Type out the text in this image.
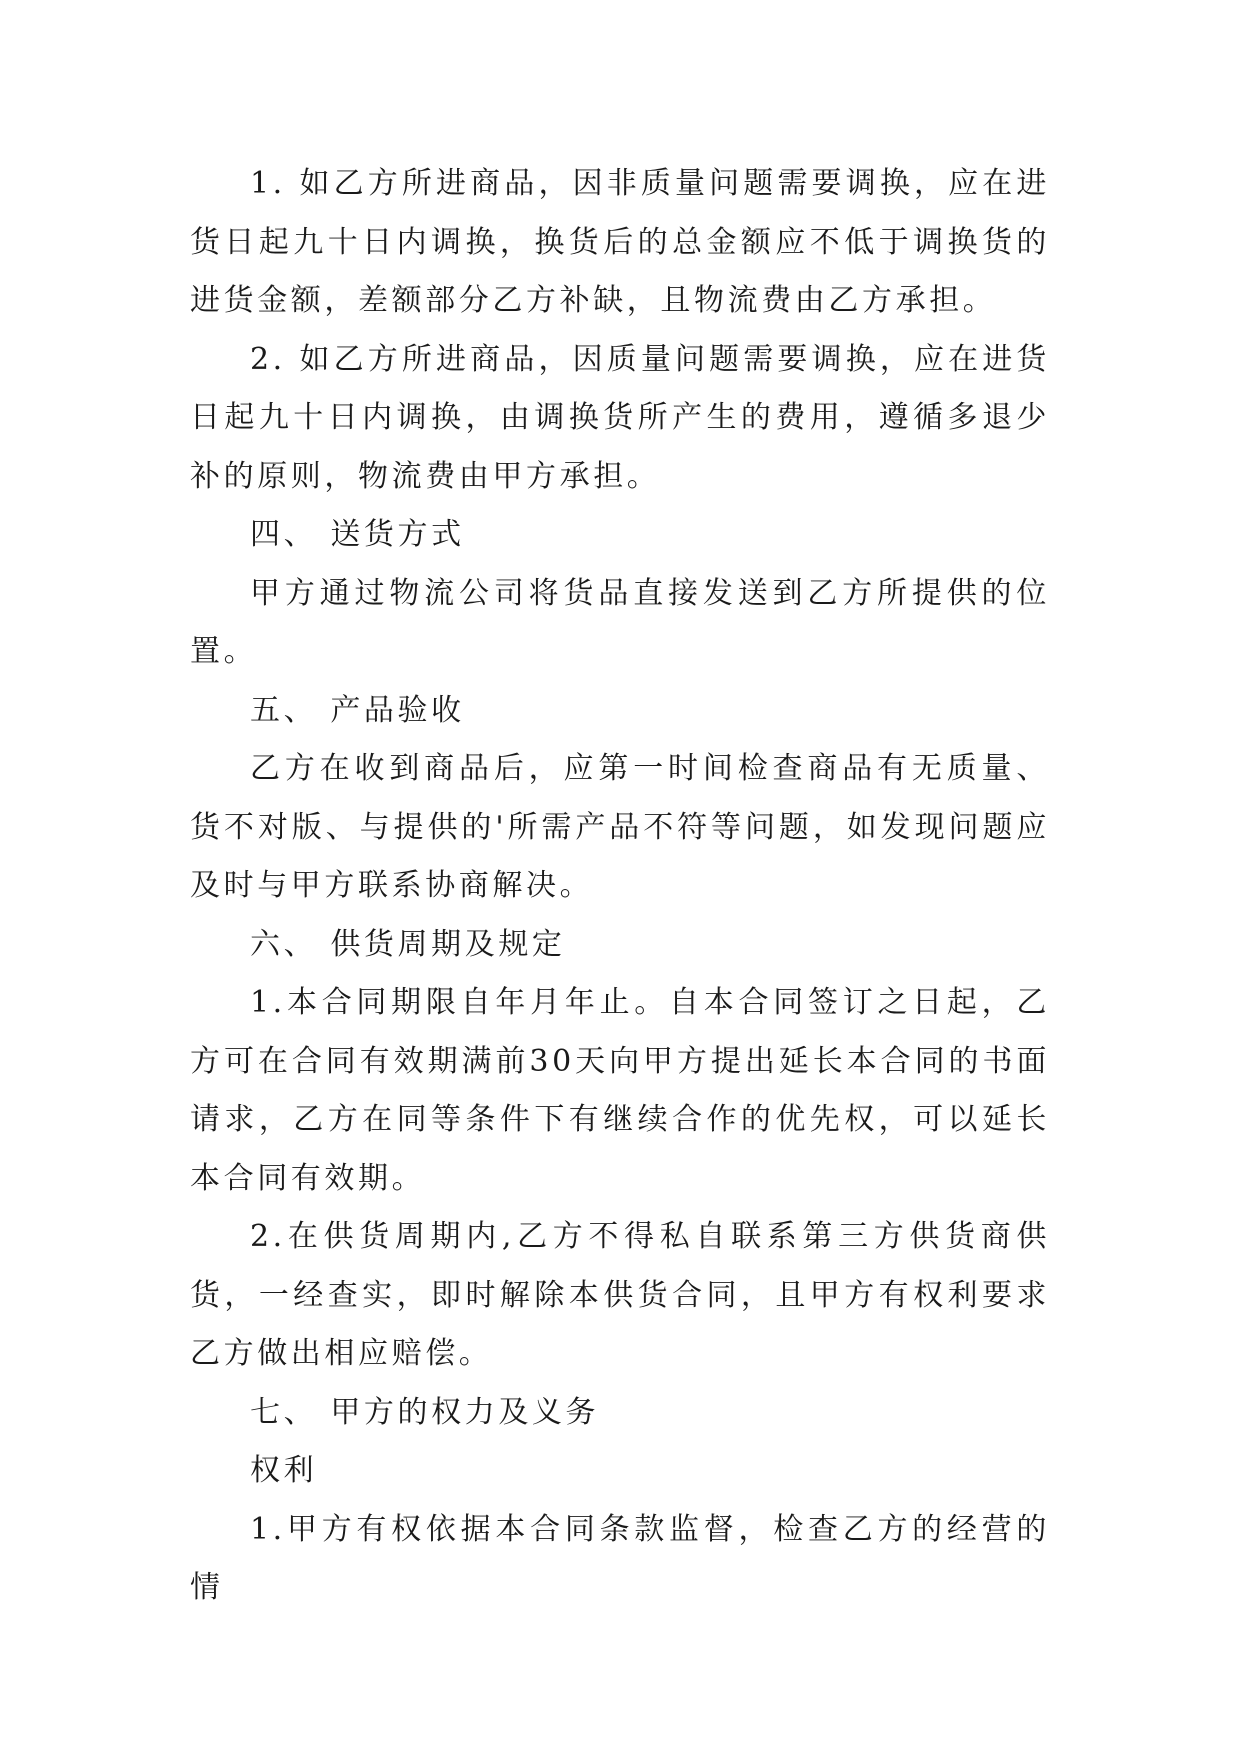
1. 如乙方所进商品，因非质量问题需要调换，应在进货日起九十日内调换，换货后的总金额应不低于调换货的进货金额，差额部分乙方补缺，且物流费由乙方承担。

2. 如乙方所进商品，因质量问题需要调换，应在进货日起九十日内调换，由调换货所产生的费用，遵循多退少补的原则，物流费由甲方承担。

四、 送货方式

甲方通过物流公司将货品直接发送到乙方所提供的位置。

五、 产品验收

乙方在收到商品后，应第一时间检查商品有无质量、货不对版、与提供的'所需产品不符等问题，如发现问题应及时与甲方联系协商解决。

六、 供货周期及规定

1.本合同期限自年月年止。自本合同签订之日起，乙方可在合同有效期满前30天向甲方提出延长本合同的书面请求，乙方在同等条件下有继续合作的优先权，可以延长本合同有效期。

2.在供货周期内,乙方不得私自联系第三方供货商供货，一经查实，即时解除本供货合同，且甲方有权利要求乙方做出相应赔偿。

七、 甲方的权力及义务

权利

1.甲方有权依据本合同条款监督，检查乙方的经营的情
